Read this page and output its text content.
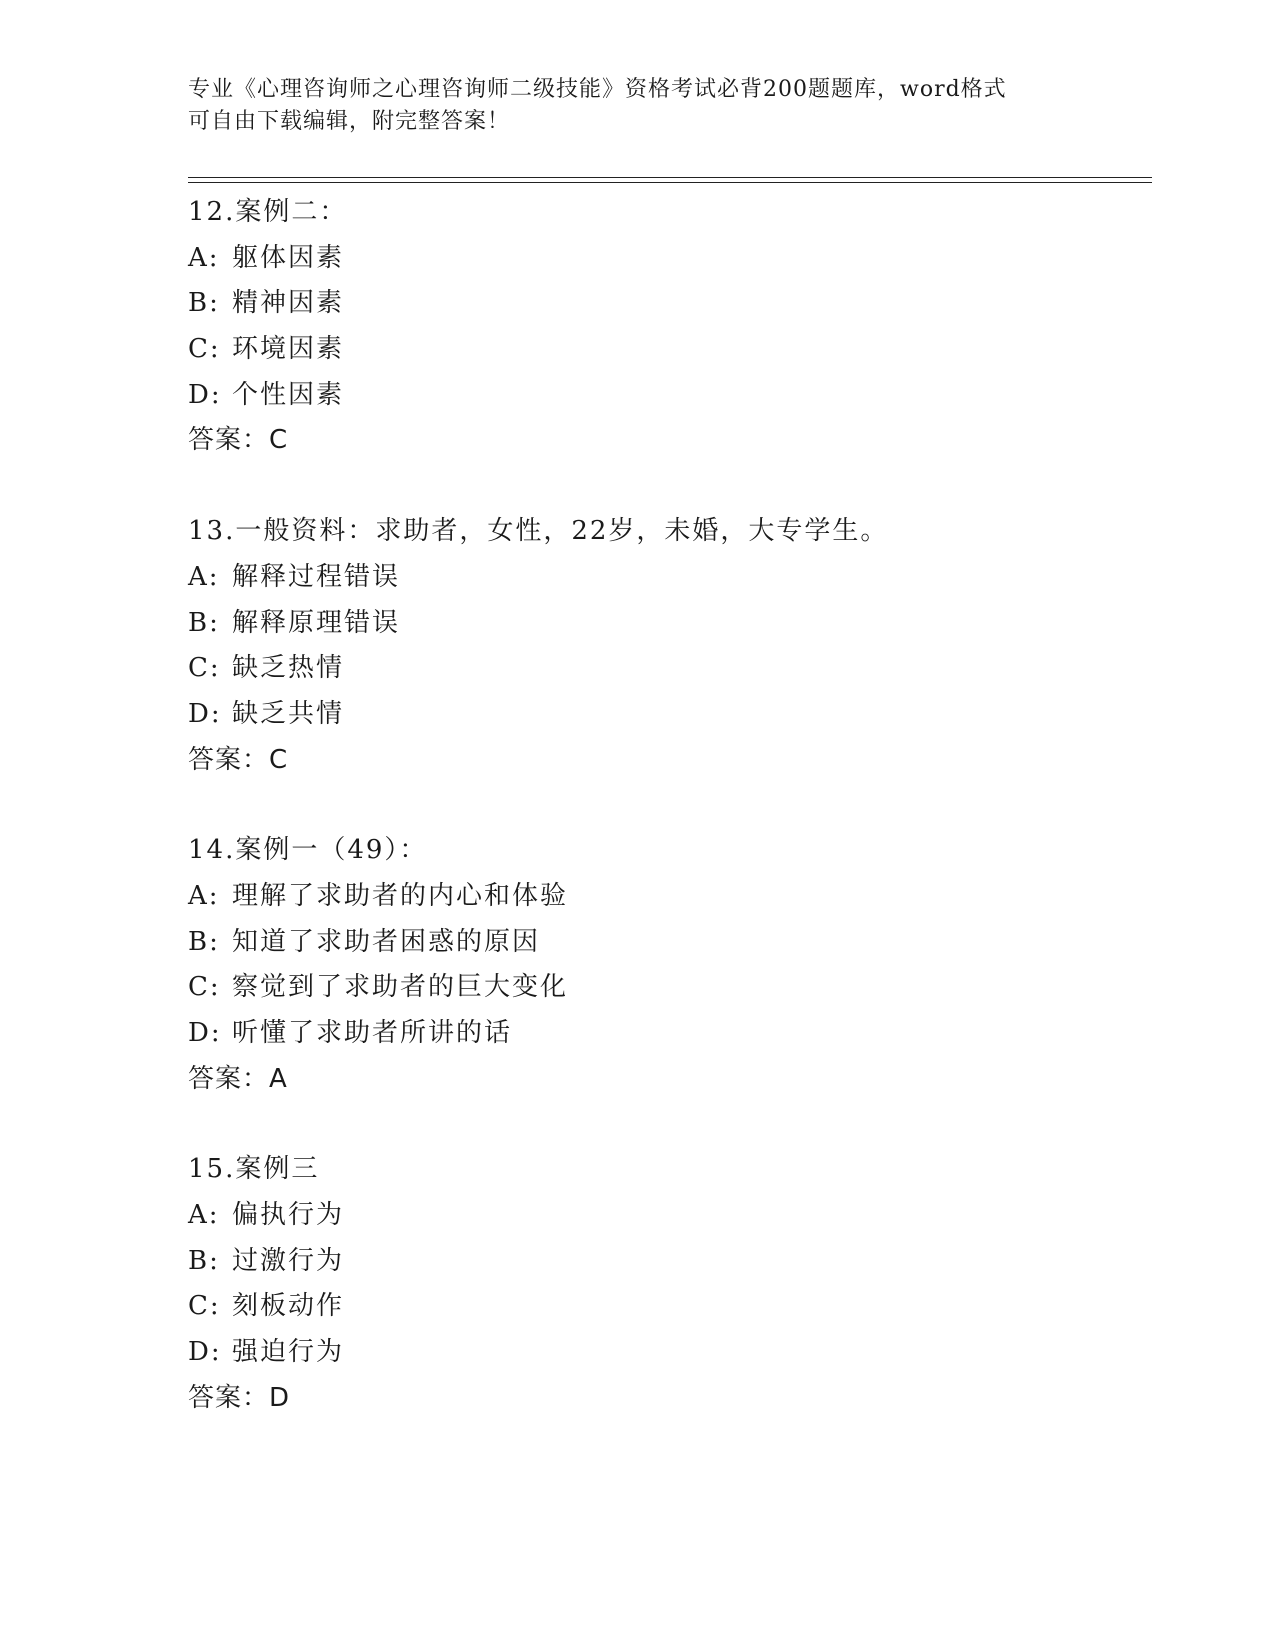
专业《心理咨询师之心理咨询师二级技能》资格考试必背200题题库，word格式
可自由下载编辑，附完整答案！
12.案例二：
A: 躯体因素
B: 精神因素
C: 环境因素
D: 个性因素
答案：C
13.一般资料：求助者，女性，22岁，未婚，大专学生。
A: 解释过程错误
B: 解释原理错误
C: 缺乏热情
D: 缺乏共情
答案：C
14.案例一（49）：
A: 理解了求助者的内心和体验
B: 知道了求助者困惑的原因
C: 察觉到了求助者的巨大变化
D: 听懂了求助者所讲的话
答案：A
15.案例三
A: 偏执行为
B: 过激行为
C: 刻板动作
D: 强迫行为
答案：D
